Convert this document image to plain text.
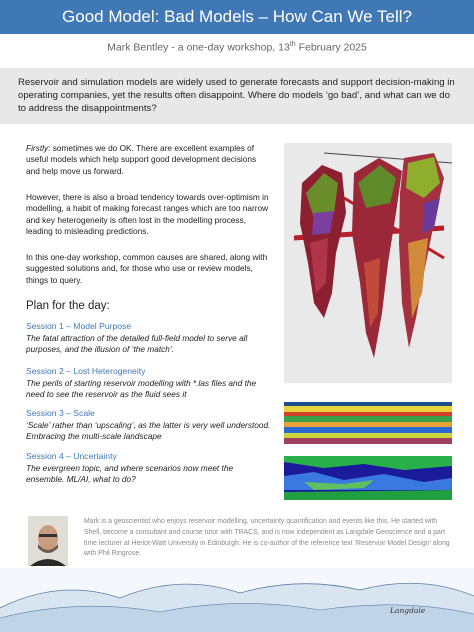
Good Model: Bad Models – How Can We Tell?
Mark Bentley - a one-day workshop, 13th February 2025

Reservoir and simulation models are widely used to generate forecasts and support decision-making in operating companies, yet the results often disappoint. Where do models ‘go bad’, and what can we do to address the disappointments?

Firstly: sometimes we do OK. There are excellent examples of useful models which help support good development decisions and help move us forward.

However, there is also a broad tendency towards over-optimism in modelling, a habit of making forecast ranges which are too narrow and key heterogeneity is often lost in the modelling process, leading to misleading predictions.

In this one-day workshop, common causes are shared, along with suggested solutions and, for those who use or review models, things to query.

Plan for the day:
Session 1 – Model Purpose

The fatal attraction of the detailed full-field model to serve all purposes, and the illusion of ‘the match’.

Session 2 – Lost Heterogeneity

The perils of starting reservoir modelling with *.las files and the need to see the reservoir as the fluid sees it

Session 3 – Scale

‘Scale’ rather than ‘upscaling’, as the latter is very well understood. Embracing the multi-scale landscape

Session 4 – Uncertainty

The evergreen topic, and where scenarios now meet the ensemble. ML/AI, what to do?

Mark is a geoscientist who enjoys reservoir modelling, uncertainty quantification and events like this. He started with Shell, become a consultant and course tutor with TRACS, and is now independent as Langdale Geoscience and a part time lecturer at Heriot-Watt University in Edinburgh. He is co-author of the reference text ‘Reservoir Model Design’ along with Phil Ringrose.

Langdale
